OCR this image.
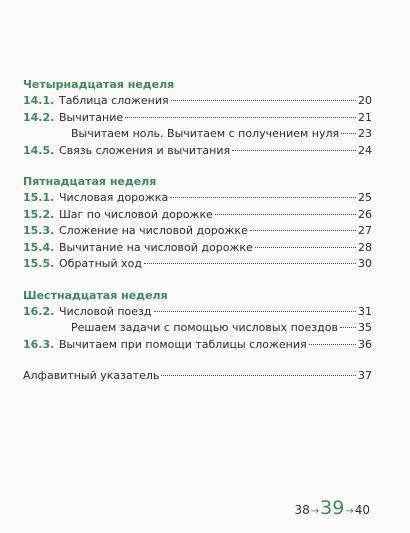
Четырнадцатая неделя
14.1. Таблица сложения	20
14.2. Вычитание	21
Вычитаем ноль. Вычитаем с получением нуля 23
14.5. Связь сложения и вычитания	24
Пятнадцатая неделя
15.1. Числовая дорожка	25
15.2. Шаг по числовой дорожке	26
15.3. Сложение на числовой дорожке	27
15.4. Вычитание на числовой дорожке	28
15.5. Обратный ход	30
Шестнадцатая неделя
16.2. Числовой поезд	31
Решаем задачи с помощью числовых поездов 35
16.3. Вычитаем при помощи таблицы сложения	36
Алфавитный указатель	37
38 → 39 → 40
